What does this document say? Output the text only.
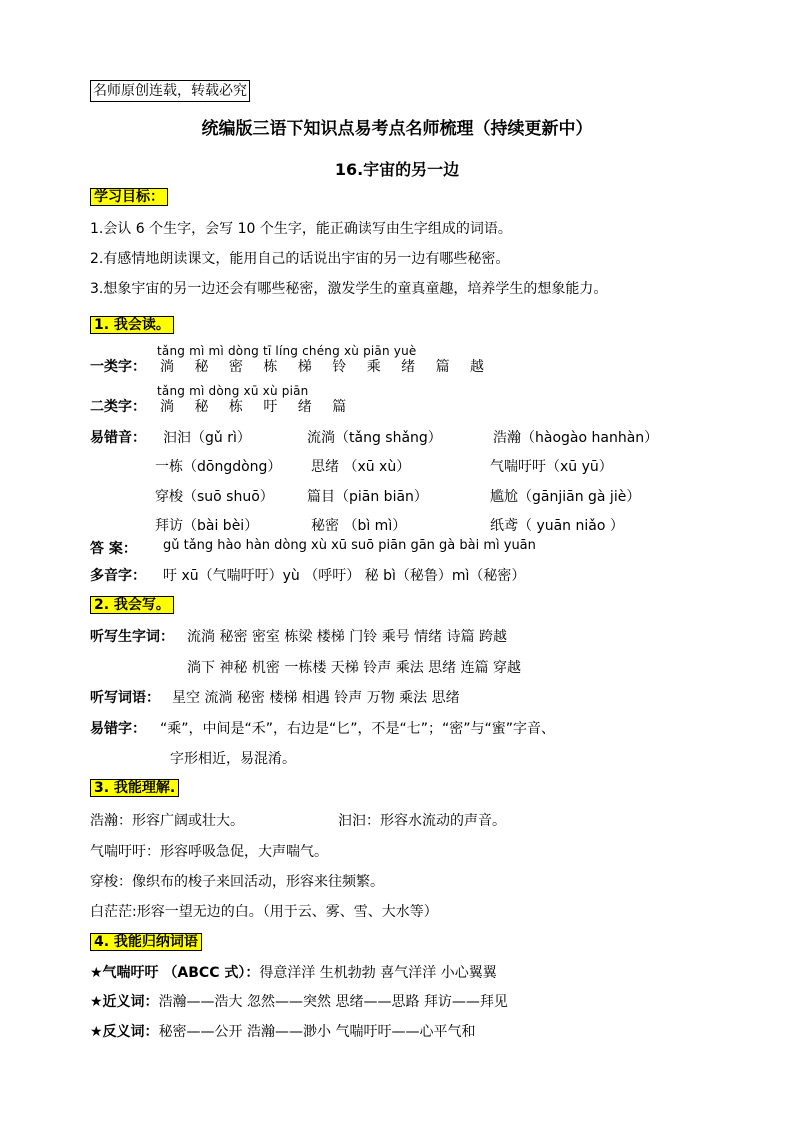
名师原创连载，转载必究
统编版三语下知识点易考点名师梳理（持续更新中）
16.宇宙的另一边
学习目标：
1.会认 6 个生字，会写 10 个生字，能正确读写由生字组成的词语。
2.有感情地朗读课文，能用自己的话说出宇宙的另一边有哪些秘密。
3.想象宇宙的另一边还会有哪些秘密，激发学生的童真童趣，培养学生的想象能力。
1. 我会读。
tǎng mì mì dòng tī líng chéng xù piān yuè
一类字： 淌 秘 密 栋 梯 铃 乘 绪 篇 越
tǎng mì dòng xū xù piān
二类字： 淌 秘 栋 吁 绪 篇
易错音： 汩汩（gǔ rì）	流淌（tǎng shǎng）	浩瀚（hàogào hanhàn）
一栋（dōngdòng） 思绪 （xū xù）	气喘吁吁（xū yū）
穿梭（suō shuō） 篇目（piān biān）	尴尬（gānjiān gà jiè）
拜访（bài bèi）	秘密 （bì mì）	纸鸢（ yuān niǎo ）
答 案： gǔ tǎng hào hàn dòng xù xū suō piān gān gà bài mì yuān
多音字： 吁 xū（气喘吁吁）yù （呼吁） 秘 bì（秘鲁）mì（秘密）
2. 我会写。
听写生字词： 流淌 秘密 密室 栋梁 楼梯 门铃 乘号 情绪 诗篇 跨越
淌下 神秘 机密 一栋楼 天梯 铃声 乘法 思绪 连篇 穿越
听写词语： 星空 流淌 秘密 楼梯 相遇 铃声 万物 乘法 思绪
易错字： “乘”，中间是“禾”，右边是“匕”，不是“七”；“密”与“蜜”字音、
字形相近，易混淆。
3. 我能理解.
浩瀚：形容广阔或壮大。	汩汩：形容水流动的声音。
气喘吁吁：形容呼吸急促，大声喘气。
穿梭：像织布的梭子来回活动，形容来往频繁。
白茫茫:形容一望无边的白。（用于云、雾、雪、大水等）
4. 我能归纳词语
★气喘吁吁 （ABCC 式）：得意洋洋 生机勃勃 喜气洋洋 小心翼翼
★近义词：浩瀚——浩大 忽然——突然 思绪——思路 拜访——拜见
★反义词：秘密——公开 浩瀚——渺小 气喘吁吁——心平气和
